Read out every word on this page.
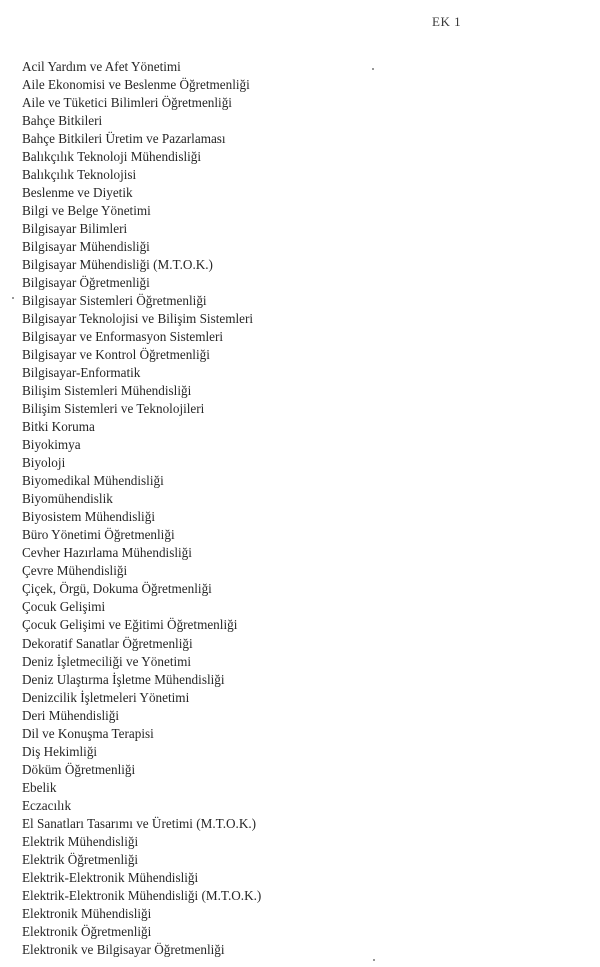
EK 1
Acil Yardım ve Afet Yönetimi
Aile Ekonomisi ve Beslenme Öğretmenliği
Aile ve Tüketici Bilimleri Öğretmenliği
Bahçe Bitkileri
Bahçe Bitkileri Üretim ve Pazarlaması
Balıkçılık Teknoloji Mühendisliği
Balıkçılık Teknolojisi
Beslenme ve Diyetik
Bilgi ve Belge Yönetimi
Bilgisayar Bilimleri
Bilgisayar Mühendisliği
Bilgisayar Mühendisliği (M.T.O.K.)
Bilgisayar Öğretmenliği
Bilgisayar Sistemleri Öğretmenliği
Bilgisayar Teknolojisi ve Bilişim Sistemleri
Bilgisayar ve Enformasyon Sistemleri
Bilgisayar ve Kontrol Öğretmenliği
Bilgisayar-Enformatik
Bilişim Sistemleri Mühendisliği
Bilişim Sistemleri ve Teknolojileri
Bitki Koruma
Biyokimya
Biyoloji
Biyomedikal Mühendisliği
Biyomühendislik
Biyosistem Mühendisliği
Büro Yönetimi Öğretmenliği
Cevher Hazırlama Mühendisliği
Çevre Mühendisliği
Çiçek, Örgü, Dokuma Öğretmenliği
Çocuk Gelişimi
Çocuk Gelişimi ve Eğitimi Öğretmenliği
Dekoratif Sanatlar Öğretmenliği
Deniz İşletmeciliği ve Yönetimi
Deniz Ulaştırma İşletme Mühendisliği
Denizcilik İşletmeleri Yönetimi
Deri Mühendisliği
Dil ve Konuşma Terapisi
Diş Hekimliği
Döküm Öğretmenliği
Ebelik
Eczacılık
El Sanatları Tasarımı ve Üretimi (M.T.O.K.)
Elektrik Mühendisliği
Elektrik Öğretmenliği
Elektrik-Elektronik Mühendisliği
Elektrik-Elektronik Mühendisliği (M.T.O.K.)
Elektronik Mühendisliği
Elektronik Öğretmenliği
Elektronik ve Bilgisayar Öğretmenliği
